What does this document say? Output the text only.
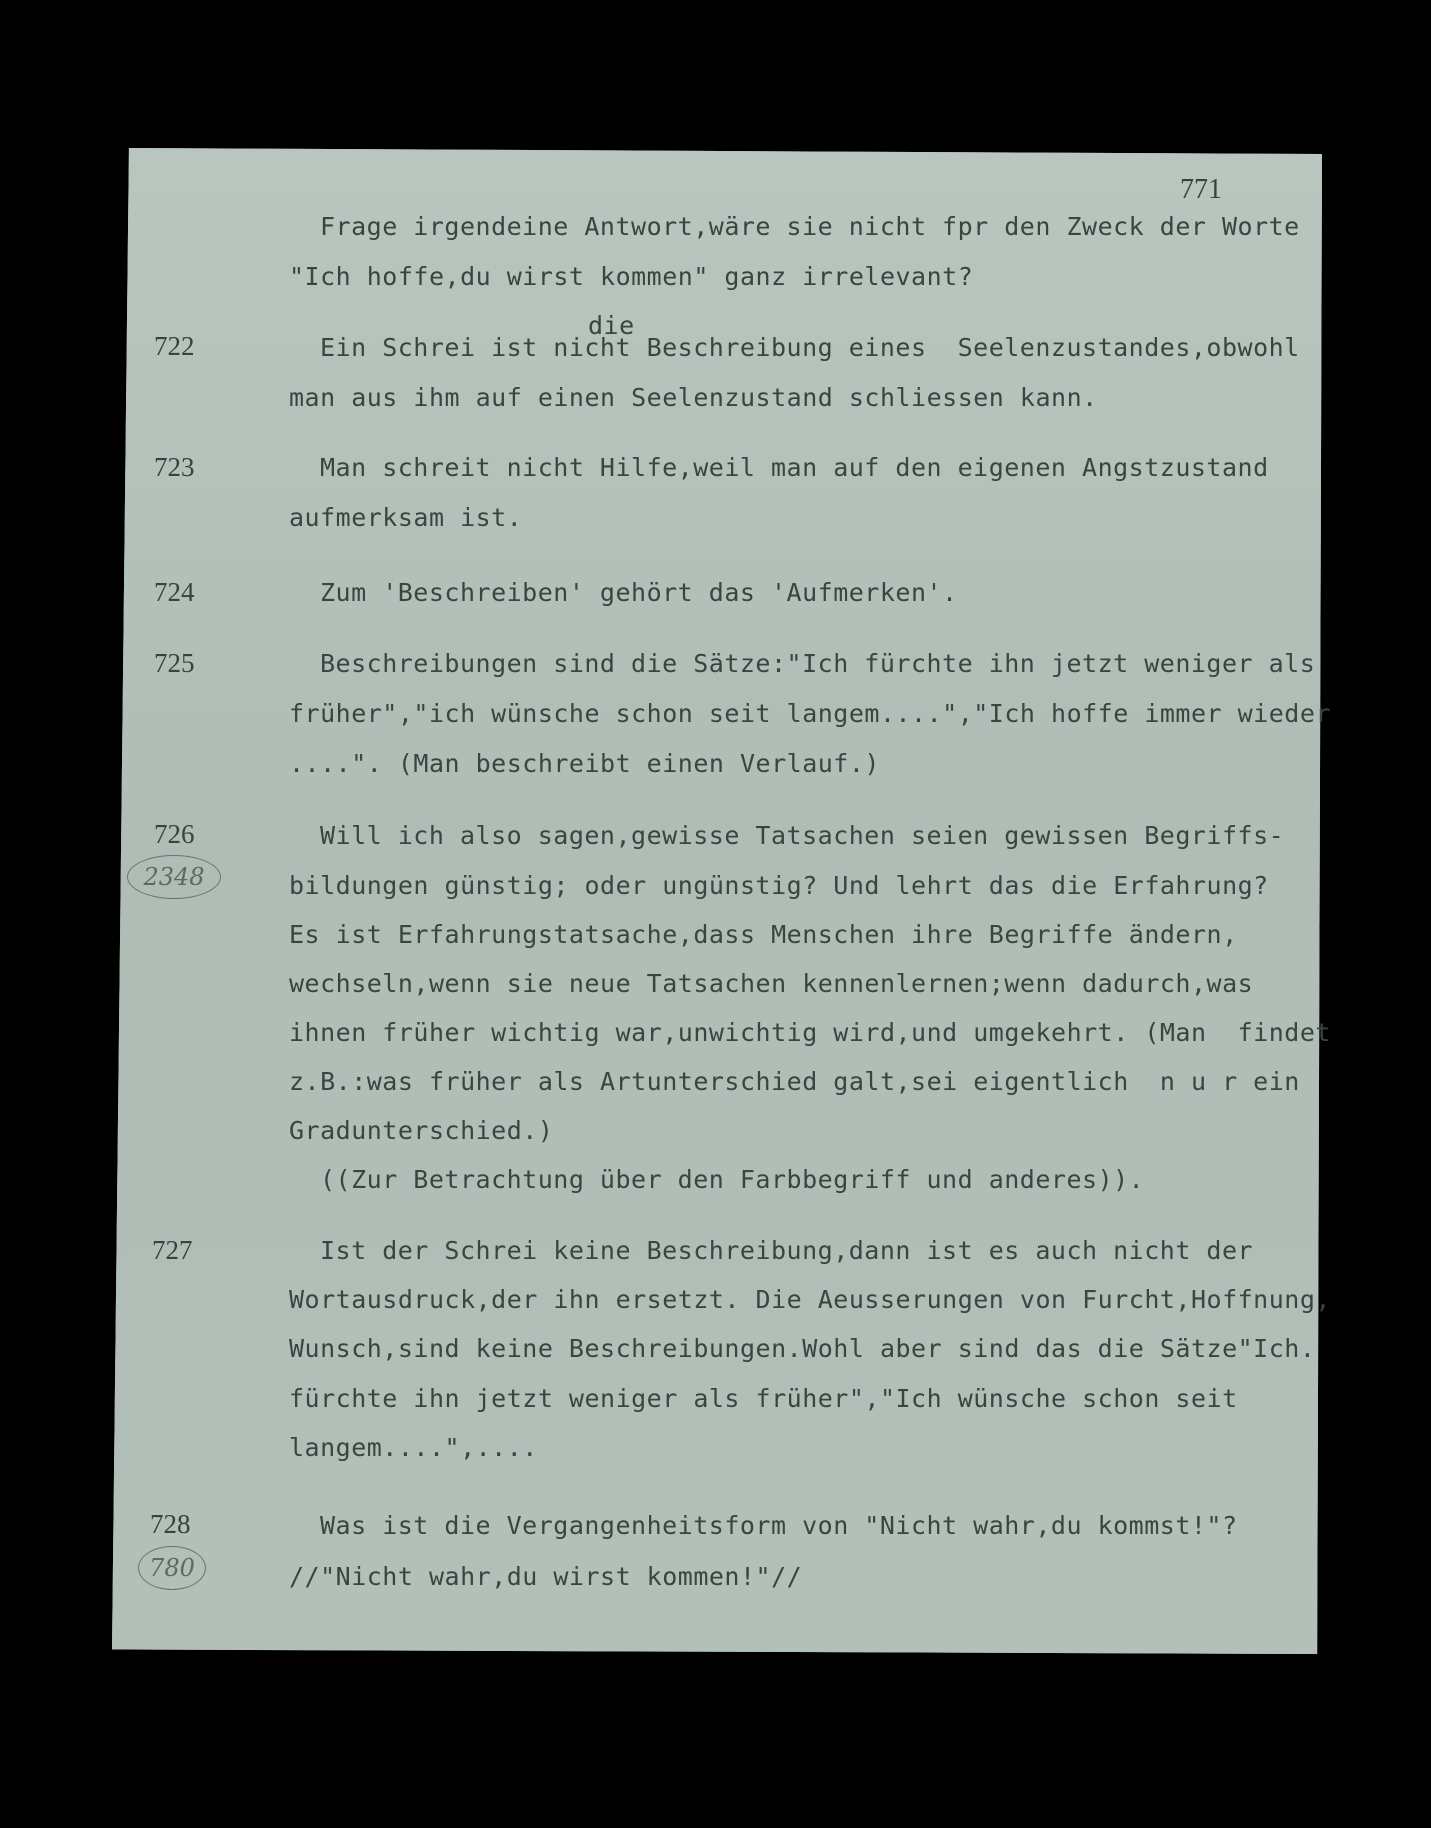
771
Frage irgendeine Antwort,wäre sie nicht fpr den Zweck der Worte
"Ich hoffe,du wirst kommen" ganz irrelevant?
die
Ein Schrei ist nicht Beschreibung eines  Seelenzustandes,obwohl
man aus ihm auf einen Seelenzustand schliessen kann.
Man schreit nicht Hilfe,weil man auf den eigenen Angstzustand
aufmerksam ist.
Zum 'Beschreiben' gehört das 'Aufmerken'.
Beschreibungen sind die Sätze:"Ich fürchte ihn jetzt weniger als
früher","ich wünsche schon seit langem....","Ich hoffe immer wieder
....". (Man beschreibt einen Verlauf.)
Will ich also sagen,gewisse Tatsachen seien gewissen Begriffs-
bildungen günstig; oder ungünstig? Und lehrt das die Erfahrung?
Es ist Erfahrungstatsache,dass Menschen ihre Begriffe ändern,
wechseln,wenn sie neue Tatsachen kennenlernen;wenn dadurch,was
ihnen früher wichtig war,unwichtig wird,und umgekehrt. (Man  findet
z.B.:was früher als Artunterschied galt,sei eigentlich  n u r ein
Gradunterschied.)
((Zur Betrachtung über den Farbbegriff und anderes)).
Ist der Schrei keine Beschreibung,dann ist es auch nicht der
Wortausdruck,der ihn ersetzt. Die Aeusserungen von Furcht,Hoffnung,
Wunsch,sind keine Beschreibungen.Wohl aber sind das die Sätze"Ich.
fürchte ihn jetzt weniger als früher","Ich wünsche schon seit
langem....",....
Was ist die Vergangenheitsform von "Nicht wahr,du kommst!"?
//"Nicht wahr,du wirst kommen!"//
722
723
724
725
726
727
728
2348
780
